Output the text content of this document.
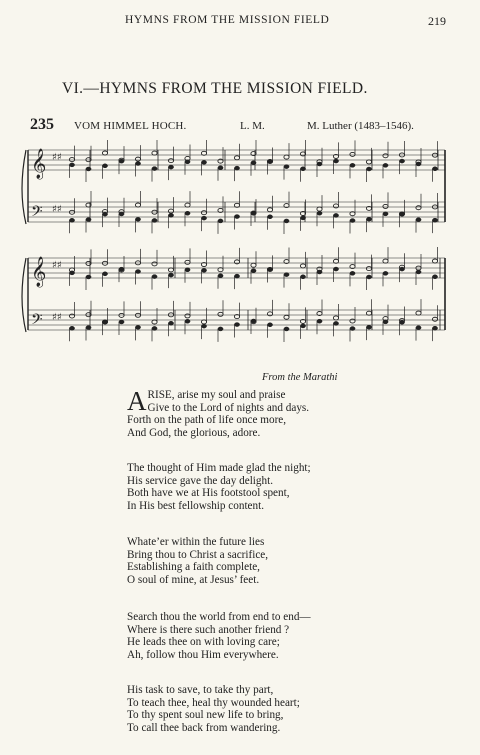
HYMNS FROM THE MISSION FIELD	219
VI.—HYMNS FROM THE MISSION FIELD.
235 VOM HIMMEL HOCH.	L. M.	M. Luther (1483–1546).
𝄞 ♯♯
𝄢 ♯♯
𝄞 ♯♯
𝄢 ♯♯
From the Marathi
A RISE, arise my soul and praise
Give to the Lord of nights and days.
Forth on the path of life once more,
And God, the glorious, adore.
The thought of Him made glad the night;
His service gave the day delight.
Both have we at His footstool spent,
In His best fellowship content.
Whate’er within the future lies
Bring thou to Christ a sacrifice,
Establishing a faith complete,
O soul of mine, at Jesus’ feet.
Search thou the world from end to end—
Where is there such another friend ?
He leads thee on with loving care;
Ah, follow thou Him everywhere.
His task to save, to take thy part,
To teach thee, heal thy wounded heart;
To thy spent soul new life to bring,
To call thee back from wandering.
